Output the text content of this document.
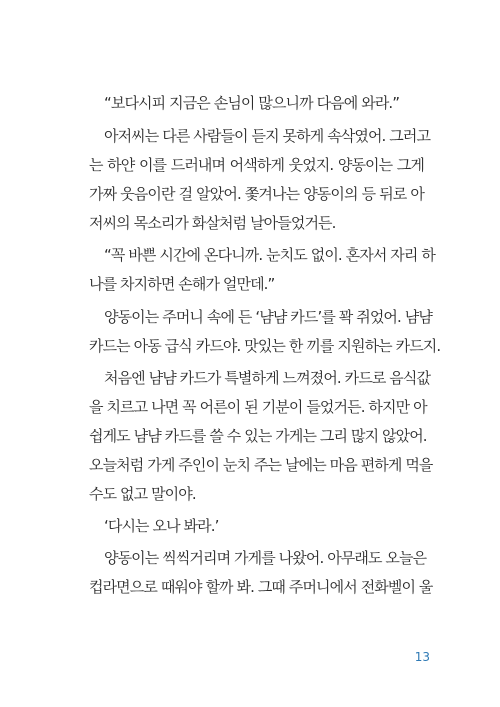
“보다시피 지금은 손님이 많으니까 다음에 와라.”
아저씨는 다른 사람들이 듣지 못하게 속삭였어. 그러고
는 하얀 이를 드러내며 어색하게 웃었지. 양동이는 그게
가짜 웃음이란 걸 알았어. 쫓겨나는 양동이의 등 뒤로 아
저씨의 목소리가 화살처럼 날아들었거든.
“꼭 바쁜 시간에 온다니까. 눈치도 없이. 혼자서 자리 하
나를 차지하면 손해가 얼만데.”
양동이는 주머니 속에 든 ‘냠냠 카드’를 꽉 쥐었어. 냠냠
카드는 아동 급식 카드야. 맛있는 한 끼를 지원하는 카드지.
처음엔 냠냠 카드가 특별하게 느껴졌어. 카드로 음식값
을 치르고 나면 꼭 어른이 된 기분이 들었거든. 하지만 아
쉽게도 냠냠 카드를 쓸 수 있는 가게는 그리 많지 않았어.
오늘처럼 가게 주인이 눈치 주는 날에는 마음 편하게 먹을
수도 없고 말이야.
‘다시는 오나 봐라.’
양동이는 씩씩거리며 가게를 나왔어. 아무래도 오늘은
컵라면으로 때워야 할까 봐. 그때 주머니에서 전화벨이 울
13
